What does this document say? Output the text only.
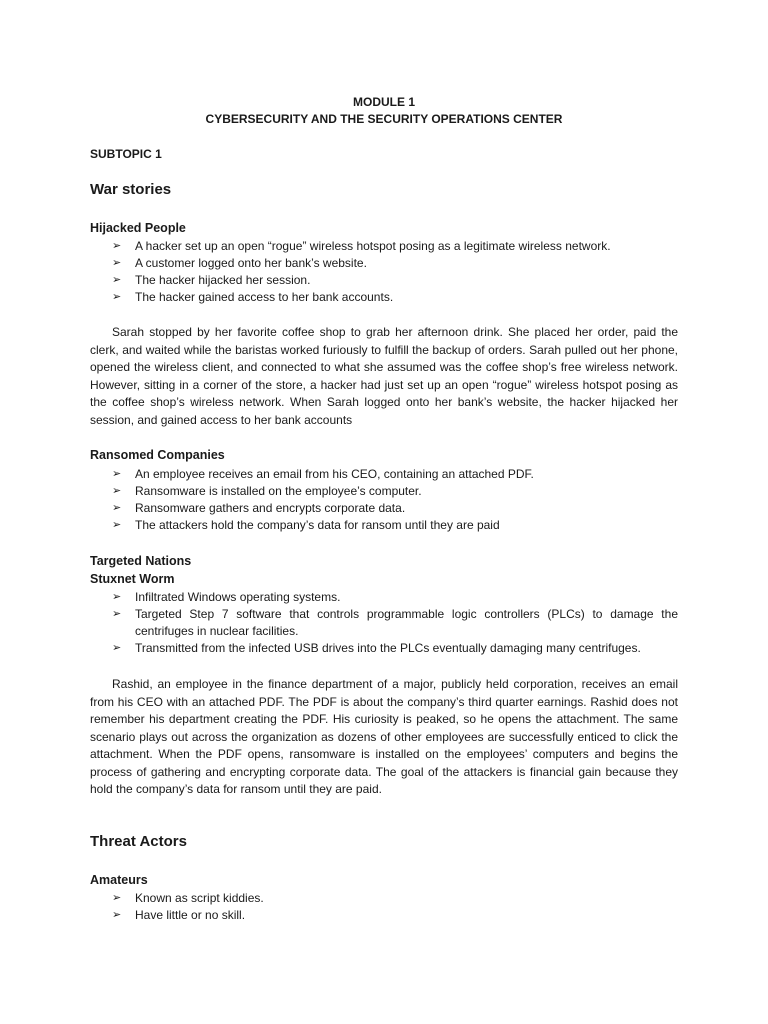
MODULE 1
CYBERSECURITY AND THE SECURITY OPERATIONS CENTER
SUBTOPIC 1
War stories
Hijacked People
➢ A hacker set up an open “rogue” wireless hotspot posing as a legitimate wireless network.
➢ A customer logged onto her bank’s website.
➢ The hacker hijacked her session.
➢ The hacker gained access to her bank accounts.

Sarah stopped by her favorite coffee shop to grab her afternoon drink. She placed her order, paid the clerk, and waited while the baristas worked furiously to fulfill the backup of orders. Sarah pulled out her phone, opened the wireless client, and connected to what she assumed was the coffee shop’s free wireless network. However, sitting in a corner of the store, a hacker had just set up an open “rogue” wireless hotspot posing as the coffee shop’s wireless network. When Sarah logged onto her bank’s website, the hacker hijacked her session, and gained access to her bank accounts

Ransomed Companies
➢ An employee receives an email from his CEO, containing an attached PDF.
➢ Ransomware is installed on the employee’s computer.
➢ Ransomware gathers and encrypts corporate data.
➢ The attackers hold the company’s data for ransom until they are paid
Targeted Nations
Stuxnet Worm
➢ Infiltrated Windows operating systems.
➢ Targeted Step 7 software that controls programmable logic controllers (PLCs) to damage the centrifuges in nuclear facilities.
➢ Transmitted from the infected USB drives into the PLCs eventually damaging many centrifuges.

Rashid, an employee in the finance department of a major, publicly held corporation, receives an email from his CEO with an attached PDF. The PDF is about the company’s third quarter earnings. Rashid does not remember his department creating the PDF. His curiosity is peaked, so he opens the attachment. The same scenario plays out across the organization as dozens of other employees are successfully enticed to click the attachment. When the PDF opens, ransomware is installed on the employees’ computers and begins the process of gathering and encrypting corporate data. The goal of the attackers is financial gain because they hold the company’s data for ransom until they are paid.

Threat Actors
Amateurs
➢ Known as script kiddies.
➢ Have little or no skill.
